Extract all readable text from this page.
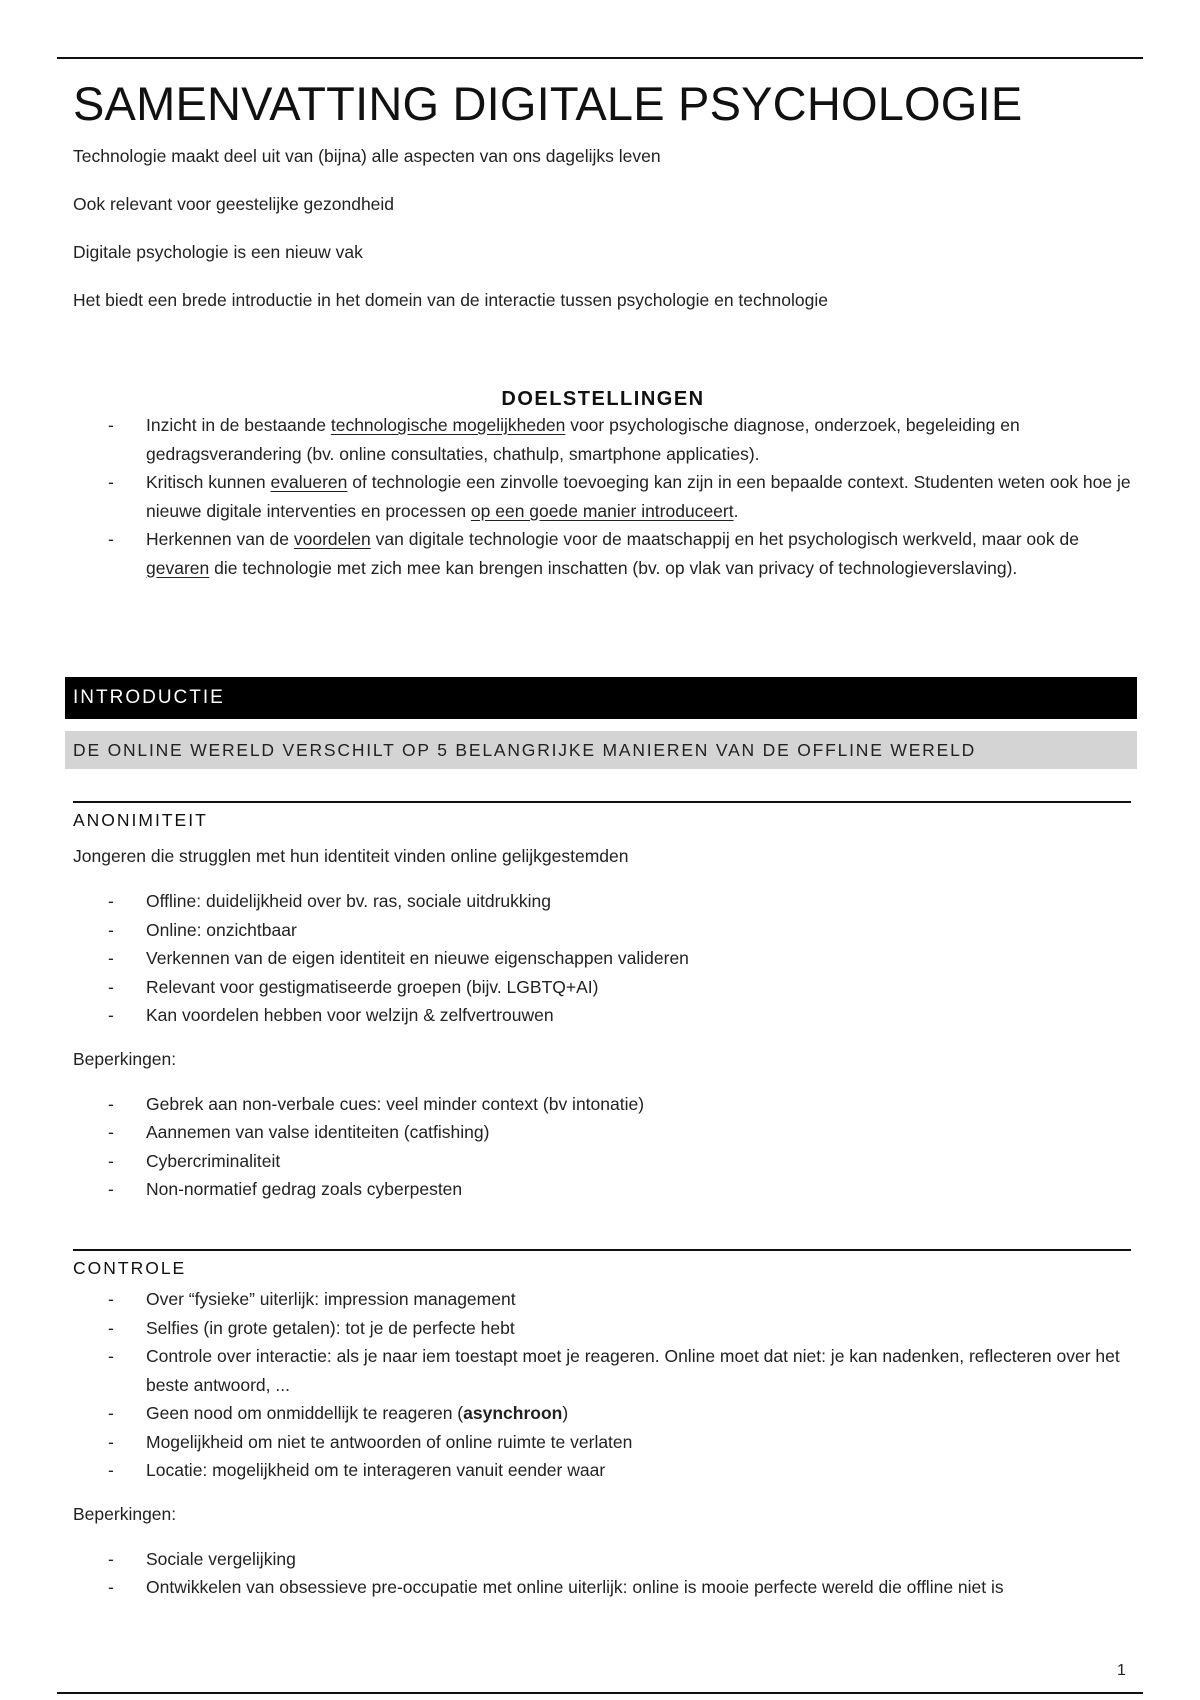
SAMENVATTING DIGITALE PSYCHOLOGIE

Technologie maakt deel uit van (bijna) alle aspecten van ons dagelijks leven

Ook relevant voor geestelijke gezondheid

Digitale psychologie is een nieuw vak

Het biedt een brede introductie in het domein van de interactie tussen psychologie en technologie

DOELSTELLINGEN
- Inzicht in de bestaande technologische mogelijkheden voor psychologische diagnose, onderzoek, begeleiding en gedragsverandering (bv. online consultaties, chathulp, smartphone applicaties).
- Kritisch kunnen evalueren of technologie een zinvolle toevoeging kan zijn in een bepaalde context. Studenten weten ook hoe je nieuwe digitale interventies en processen op een goede manier introduceert.
- Herkennen van de voordelen van digitale technologie voor de maatschappij en het psychologisch werkveld, maar ook de gevaren die technologie met zich mee kan brengen inschatten (bv. op vlak van privacy of technologieverslaving).
INTRODUCTIE
DE ONLINE WERELD VERSCHILT OP 5 BELANGRIJKE MANIEREN VAN DE OFFLINE WERELD
ANONIMITEIT

Jongeren die strugglen met hun identiteit vinden online gelijkgestemden

- Offline: duidelijkheid over bv. ras, sociale uitdrukking
- Online: onzichtbaar
- Verkennen van de eigen identiteit en nieuwe eigenschappen valideren
- Relevant voor gestigmatiseerde groepen (bijv. LGBTQ+AI)
- Kan voordelen hebben voor welzijn & zelfvertrouwen

Beperkingen:

- Gebrek aan non-verbale cues: veel minder context (bv intonatie)
- Aannemen van valse identiteiten (catfishing)
- Cybercriminaliteit
- Non-normatief gedrag zoals cyberpesten
CONTROLE
- Over “fysieke” uiterlijk: impression management
- Selfies (in grote getalen): tot je de perfecte hebt
- Controle over interactie: als je naar iem toestapt moet je reageren. Online moet dat niet: je kan nadenken, reflecteren over het beste antwoord, ...
- Geen nood om onmiddellijk te reageren (asynchroon)
- Mogelijkheid om niet te antwoorden of online ruimte te verlaten
- Locatie: mogelijkheid om te interageren vanuit eender waar

Beperkingen:

- Sociale vergelijking
- Ontwikkelen van obsessieve pre-occupatie met online uiterlijk: online is mooie perfecte wereld die offline niet is
1
